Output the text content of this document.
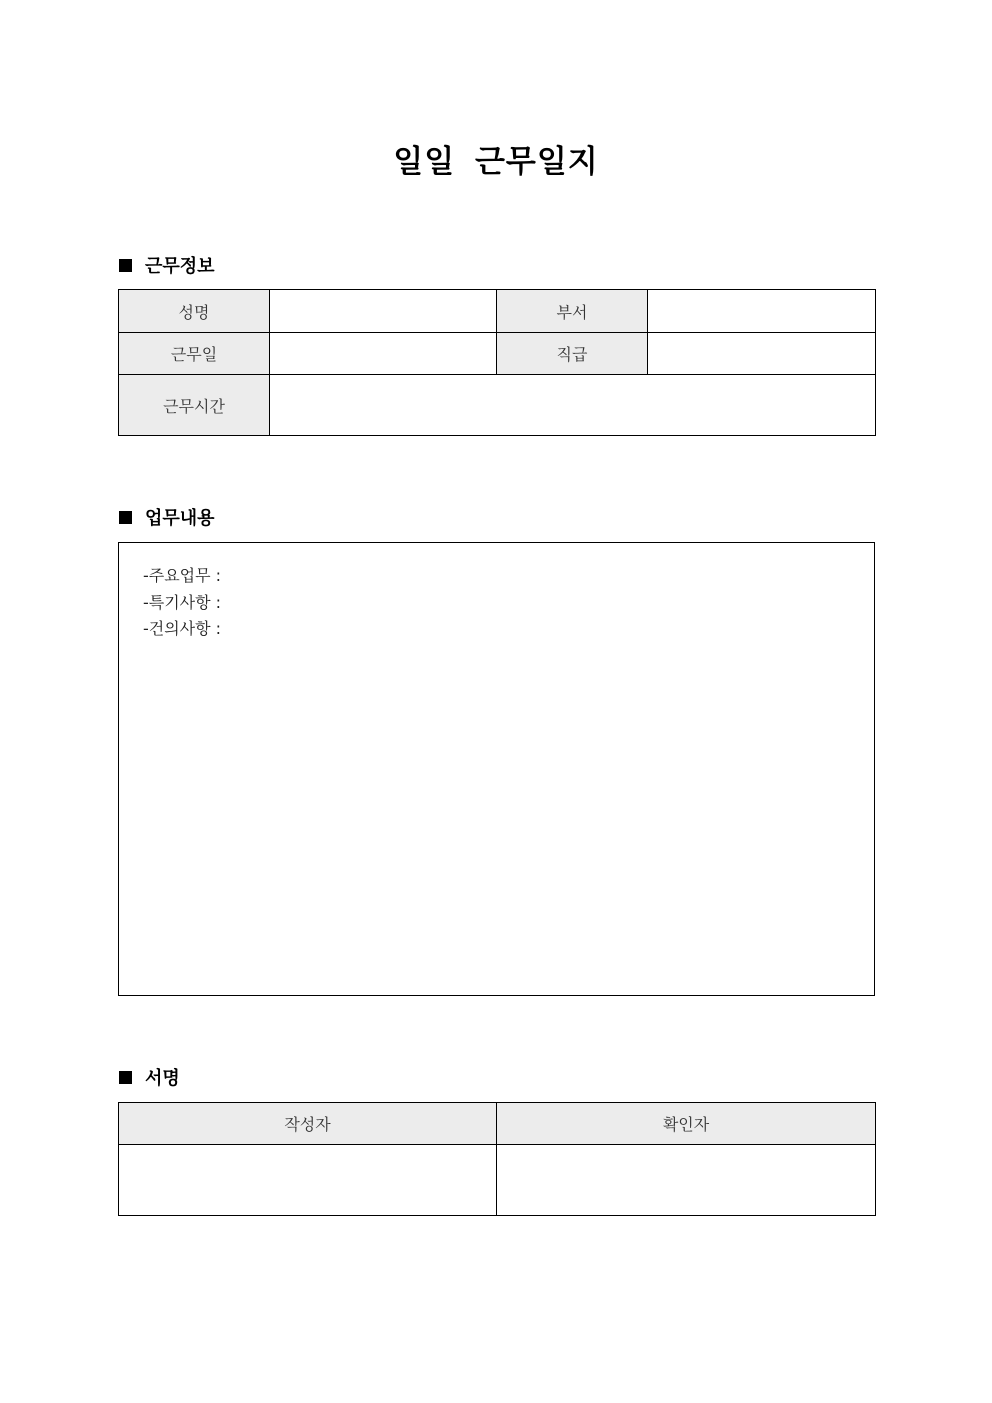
일일 근무일지
근무정보
성명		부서	
근무일		직급	
근무시간			
업무내용
-주요업무 :
-특기사항 :
-건의사항 :
서명
작성자	확인자
